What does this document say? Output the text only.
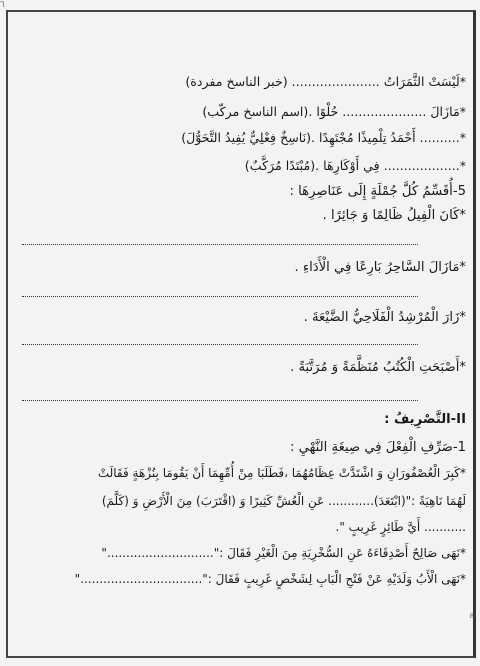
٦
8
*لَيْسَتْ الثَّمَرَاتُ ...................... (خبر الناسخ مفردة)
*مَازَالَ ..................... حُلْوًا .(اسم الناسخ مركّب)
*.......... أَحْمَدُ تِلْمِيذًا مُجْتَهِدًا .(نَاسِخٌ فِعْلِيٌّ يُفِيدُ التَّحَوُّلَ)
*................... فِي أَوْكَارِهَا .(مُبْتَدًا مُرَكَّبٌ)
5-أُقَسِّمُ كُلَّ جُمْلَةٍ إِلَى عَنَاصِرِهَا :
*كَانَ الْفِيلُ ظَالِمًا وَ جَائِرًا .
*مَازَالَ السَّاحِرُ بَارِعًا فِي الْأَدَاءِ .
*زَارَ الْمُرْشِدُ الْفَلَاحِيُّ الضَّيْعَةَ .
*أَصْبَحَتِ الْكُتُبُ مُنَظَّمَةً وَ مُرَتَّبَةً .
II-التَّصْرِيفُ :
1-صَرِّفِ الْفِعْلَ فِي صِيغَةِ النَّهْيِ :
*كَبِرَ الْعُصْفُورَانِ وَ اشْتَدَّتْ عِظَامُهُمَا ،فَطَلَبَا مِنْ أُمِّهِمَا أَنْ يَقُومَا بِنُزْهَةٍ فَقَالَتْ
لَهُمَا نَاهِيَةً :"(ابْتَعَدَ)............ عَنِ الْعُشِّ كَثِيرًا وَ (اقْتَرَبَ) مِنَ الْأَرْضِ وَ (كَلَّمَ)
........... أَيَّ طَائِرٍ غَرِيبٍ ".
*نَهَى صَالِحٌ أَصْدِقَاءَهُ عَنِ السُّخْرِيَةِ مِنَ الْغَيْرِ فَقَالَ :"............................"
*نَهَى الْأَبُ وَلَدَيْهِ عَنْ فَتْحِ الْبَابِ لِشَخْصٍ غَرِيبٍ فَقَالَ :"................................"
